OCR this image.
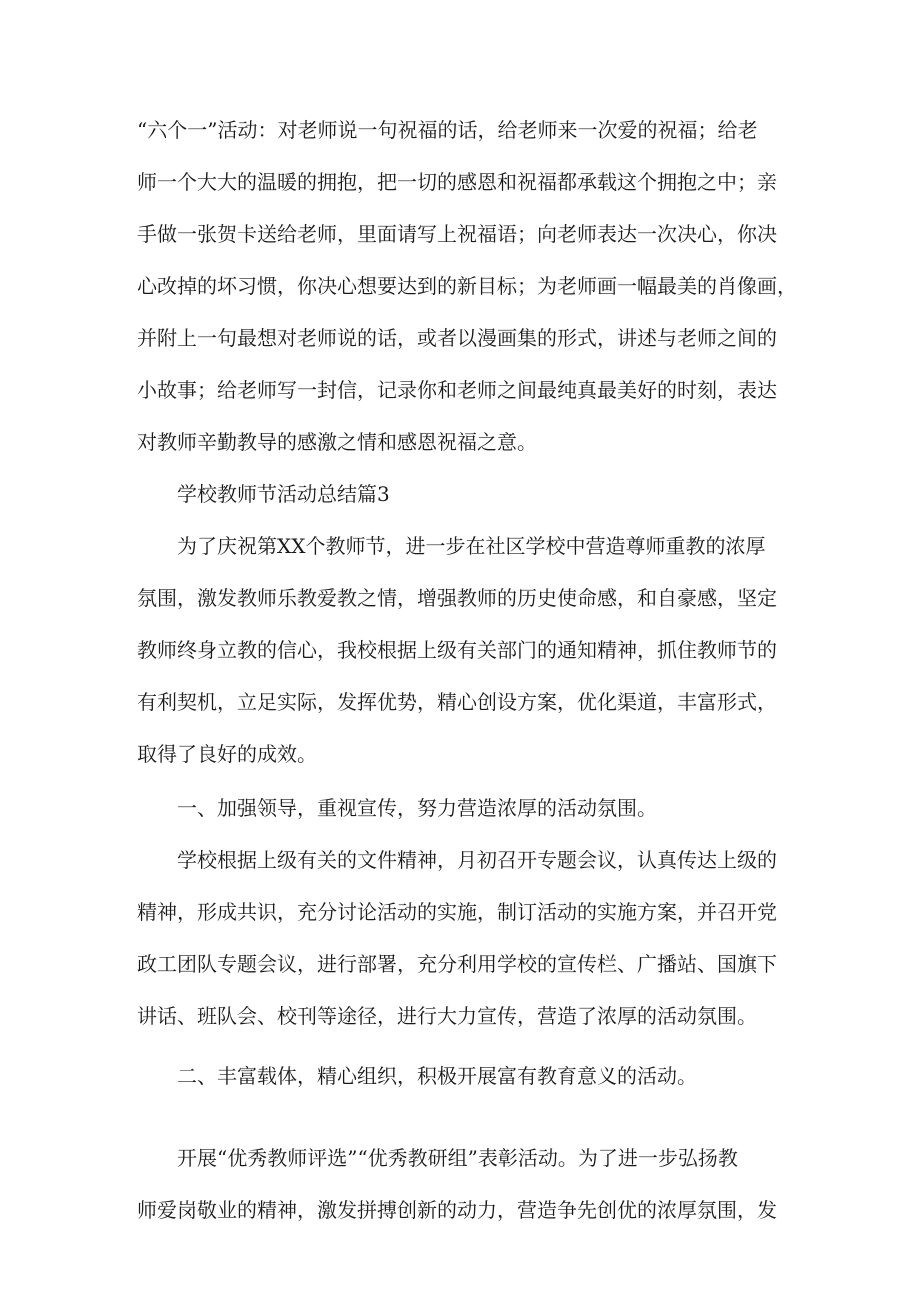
“六个一”活动：对老师说一句祝福的话，给老师来一次爱的祝福；给老
师一个大大的温暖的拥抱，把一切的感恩和祝福都承载这个拥抱之中；亲
手做一张贺卡送给老师，里面请写上祝福语；向老师表达一次决心，你决
心改掉的坏习惯，你决心想要达到的新目标；为老师画一幅最美的肖像画，
并附上一句最想对老师说的话，或者以漫画集的形式，讲述与老师之间的
小故事；给老师写一封信，记录你和老师之间最纯真最美好的时刻，表达
对教师辛勤教导的感激之情和感恩祝福之意。
学校教师节活动总结篇3
为了庆祝第XX个教师节，进一步在社区学校中营造尊师重教的浓厚
氛围，激发教师乐教爱教之情，增强教师的历史使命感，和自豪感，坚定
教师终身立教的信心，我校根据上级有关部门的通知精神，抓住教师节的
有利契机，立足实际，发挥优势，精心创设方案，优化渠道，丰富形式，
取得了良好的成效。
一、加强领导，重视宣传，努力营造浓厚的活动氛围。
学校根据上级有关的文件精神，月初召开专题会议，认真传达上级的
精神，形成共识，充分讨论活动的实施，制订活动的实施方案，并召开党
政工团队专题会议，进行部署，充分利用学校的宣传栏、广播站、国旗下
讲话、班队会、校刊等途径，进行大力宣传，营造了浓厚的活动氛围。
二、丰富载体，精心组织，积极开展富有教育意义的活动。
开展“优秀教师评选”“优秀教研组”表彰活动。为了进一步弘扬教
师爱岗敬业的精神，激发拼搏创新的动力，营造争先创优的浓厚氛围，发
